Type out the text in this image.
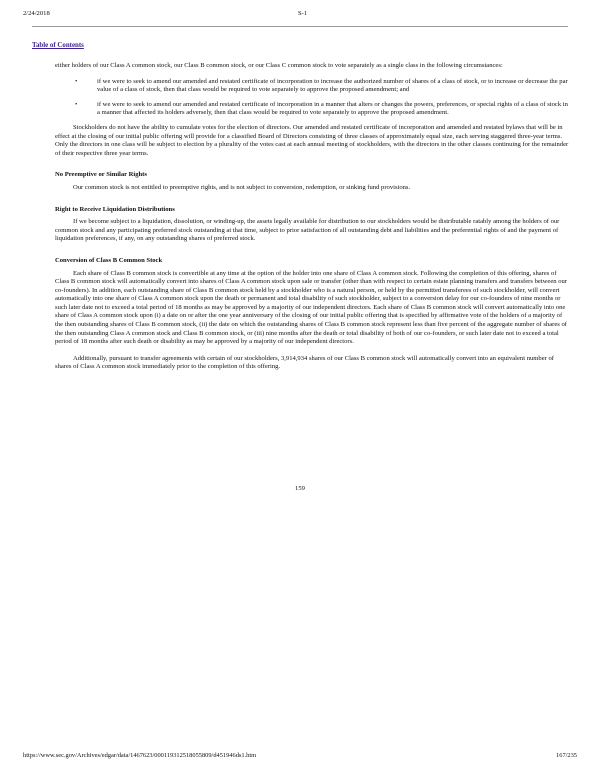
2/24/2018	S-1
Table of Contents

either holders of our Class A common stock, our Class B common stock, or our Class C common stock to vote separately as a single class in the following circumstances:

•	if we were to seek to amend our amended and restated certificate of incorporation to increase the authorized number of shares of a class of stock, or to increase or decrease the par value of a class of stock, then that class would be required to vote separately to approve the proposed amendment; and
•	if we were to seek to amend our amended and restated certificate of incorporation in a manner that alters or changes the powers, preferences, or special rights of a class of stock in a manner that affected its holders adversely, then that class would be required to vote separately to approve the proposed amendment.

Stockholders do not have the ability to cumulate votes for the election of directors. Our amended and restated certificate of incorporation and amended and restated bylaws that will be in effect at the closing of our initial public offering will provide for a classified Board of Directors consisting of three classes of approximately equal size, each serving staggered three-year terms. Only the directors in one class will be subject to election by a plurality of the votes cast at each annual meeting of stockholders, with the directors in the other classes continuing for the remainder of their respective three year terms.

No Preemptive or Similar Rights

Our common stock is not entitled to preemptive rights, and is not subject to conversion, redemption, or sinking fund provisions.

Right to Receive Liquidation Distributions

If we become subject to a liquidation, dissolution, or winding-up, the assets legally available for distribution to our stockholders would be distributable ratably among the holders of our common stock and any participating preferred stock outstanding at that time, subject to prior satisfaction of all outstanding debt and liabilities and the preferential rights of and the payment of liquidation preferences, if any, on any outstanding shares of preferred stock.

Conversion of Class B Common Stock

Each share of Class B common stock is convertible at any time at the option of the holder into one share of Class A common stock. Following the completion of this offering, shares of Class B common stock will automatically convert into shares of Class A common stock upon sale or transfer (other than with respect to certain estate planning transfers and transfers between our co-founders). In addition, each outstanding share of Class B common stock held by a stockholder who is a natural person, or held by the permitted transferees of such stockholder, will convert automatically into one share of Class A common stock upon the death or permanent and total disability of such stockholder, subject to a conversion delay for our co-founders of nine months or such later date not to exceed a total period of 18 months as may be approved by a majority of our independent directors. Each share of Class B common stock will convert automatically into one share of Class A common stock upon (i) a date on or after the one year anniversary of the closing of our initial public offering that is specified by affirmative vote of the holders of a majority of the then outstanding shares of Class B common stock, (ii) the date on which the outstanding shares of Class B common stock represent less than five percent of the aggregate number of shares of the then outstanding Class A common stock and Class B common stock, or (iii) nine months after the death or total disability of both of our co-founders, or such later date not to exceed a total period of 18 months after such death or disability as may be approved by a majority of our independent directors.

Additionally, pursuant to transfer agreements with certain of our stockholders, 3,914,934 shares of our Class B common stock will automatically convert into an equivalent number of shares of Class A common stock immediately prior to the completion of this offering.

159
https://www.sec.gov/Archives/edgar/data/1467623/000119312518055809/d451946ds1.htm	167/235
